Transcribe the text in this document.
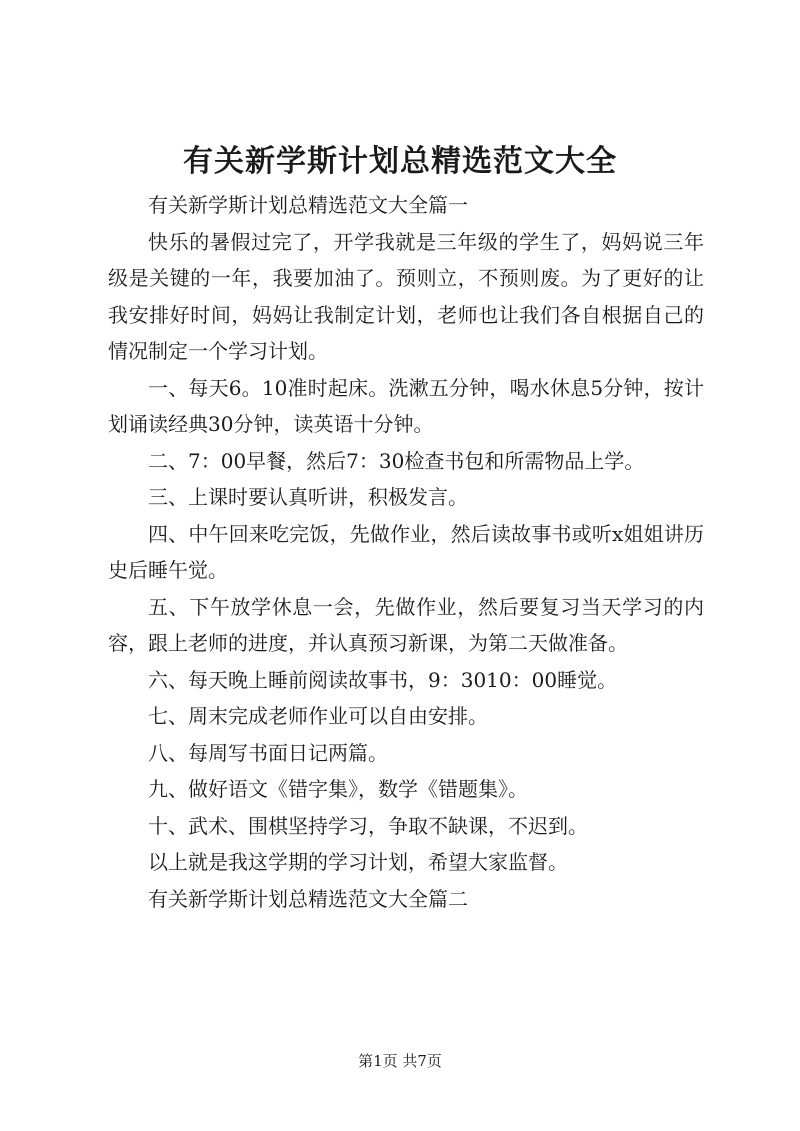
有关新学斯计划总精选范文大全

有关新学斯计划总精选范文大全篇一

快乐的暑假过完了，开学我就是三年级的学生了，妈妈说三年级是关键的一年，我要加油了。预则立，不预则废。为了更好的让我安排好时间，妈妈让我制定计划，老师也让我们各自根据自己的情况制定一个学习计划。

一、每天6。10准时起床。洗漱五分钟，喝水休息5分钟，按计划诵读经典30分钟，读英语十分钟。

二、7：00早餐，然后7：30检查书包和所需物品上学。

三、上课时要认真听讲，积极发言。

四、中午回来吃完饭，先做作业，然后读故事书或听x姐姐讲历史后睡午觉。

五、下午放学休息一会，先做作业，然后要复习当天学习的内容，跟上老师的进度，并认真预习新课，为第二天做准备。

六、每天晚上睡前阅读故事书，9：3010：00睡觉。

七、周末完成老师作业可以自由安排。

八、每周写书面日记两篇。

九、做好语文《错字集》，数学《错题集》。

十、武术、围棋坚持学习，争取不缺课，不迟到。

以上就是我这学期的学习计划，希望大家监督。

有关新学斯计划总精选范文大全篇二

第1页 共7页
